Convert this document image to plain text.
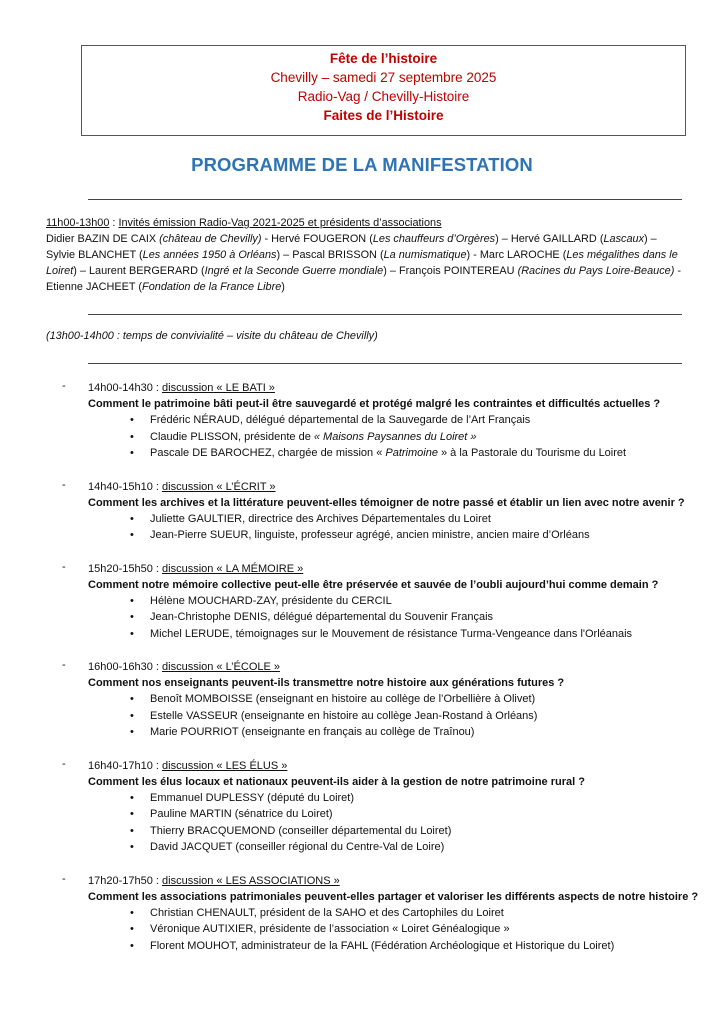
Fête de l’histoire
Chevilly – samedi 27 septembre 2025
Radio-Vag / Chevilly-Histoire
Faites de l’Histoire
PROGRAMME DE LA MANIFESTATION
11h00-13h00 : Invités émission Radio-Vag 2021-2025 et présidents d’associations
Didier BAZIN DE CAIX (château de Chevilly) - Hervé FOUGERON (Les chauffeurs d’Orgères) – Hervé GAILLARD (Lascaux) – Sylvie BLANCHET (Les années 1950 à Orléans) – Pascal BRISSON (La numismatique) - Marc LAROCHE (Les mégalithes dans le Loiret) – Laurent BERGERARD (Ingré et la Seconde Guerre mondiale) – François POINTEREAU (Racines du Pays Loire-Beauce) - Etienne JACHEET (Fondation de la France Libre)
(13h00-14h00 : temps de convivialité – visite du château de Chevilly)
- 14h00-14h30 : discussion « LE BATI »
Comment le patrimoine bâti peut-il être sauvegardé et protégé malgré les contraintes et difficultés actuelles ?
• Frédéric NÉRAUD, délégué départemental de la Sauvegarde de l’Art Français
• Claudie PLISSON, présidente de « Maisons Paysannes du Loiret »
• Pascale DE BAROCHEZ, chargée de mission « Patrimoine » à la Pastorale du Tourisme du Loiret
- 14h40-15h10 : discussion « L’ÉCRIT »
Comment les archives et la littérature peuvent-elles témoigner de notre passé et établir un lien avec notre avenir ?
• Juliette GAULTIER, directrice des Archives Départementales du Loiret
• Jean-Pierre SUEUR, linguiste, professeur agrégé, ancien ministre, ancien maire d’Orléans
- 15h20-15h50 : discussion « LA MÉMOIRE »
Comment notre mémoire collective peut-elle être préservée et sauvée de l’oubli aujourd’hui comme demain ?
• Hélène MOUCHARD-ZAY, présidente du CERCIL
• Jean-Christophe DENIS, délégué départemental du Souvenir Français
• Michel LERUDE, témoignages sur le Mouvement de résistance Turma-Vengeance dans l'Orléanais
- 16h00-16h30 : discussion « L’ÉCOLE »
Comment nos enseignants peuvent-ils transmettre notre histoire aux générations futures ?
• Benoît MOMBOISSE (enseignant en histoire au collège de l’Orbellière à Olivet)
• Estelle VASSEUR (enseignante en histoire au collège Jean-Rostand à Orléans)
• Marie POURRIOT (enseignante en français au collège de Traînou)
- 16h40-17h10 : discussion « LES ÉLUS »
Comment les élus locaux et nationaux peuvent-ils aider à la gestion de notre patrimoine rural ?
• Emmanuel DUPLESSY (député du Loiret)
• Pauline MARTIN (sénatrice du Loiret)
• Thierry BRACQUEMOND (conseiller départemental du Loiret)
• David JACQUET (conseiller régional du Centre-Val de Loire)
- 17h20-17h50 : discussion « LES ASSOCIATIONS »
Comment les associations patrimoniales peuvent-elles partager et valoriser les différents aspects de notre histoire ?
• Christian CHENAULT, président de la SAHO et des Cartophiles du Loiret
• Véronique AUTIXIER, présidente de l’association « Loiret Généalogique »
• Florent MOUHOT, administrateur de la FAHL (Fédération Archéologique et Historique du Loiret)
